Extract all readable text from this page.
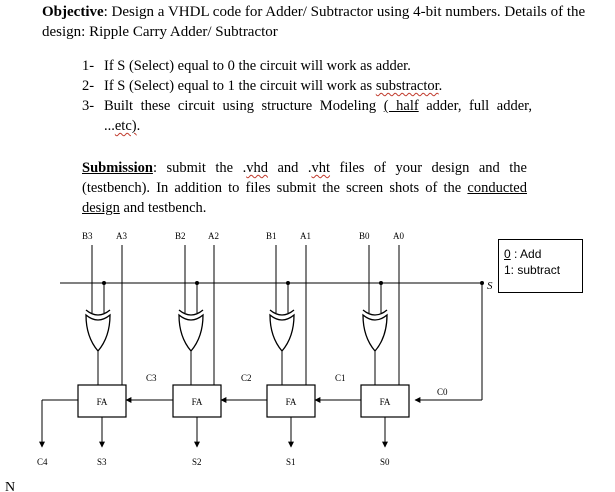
Objective: Design a VHDL code for Adder/ Subtractor using 4-bit numbers. Details of the design: Ripple Carry Adder/ Subtractor
1- If S (Select) equal to 0 the circuit will work as adder.
2- If S (Select) equal to 1 the circuit will work as substractor.
3- Built these circuit using structure Modeling ( half adder, full adder, ...etc).
Submission: submit the .vhd and .vht files of your design and the (testbench). In addition to files submit the screen shots of the conducted design and testbench.
0 : Add
1: subtract
S
B3	A3
FA
S3
C3
B2 A2
FA
S2
C2
B1	A1
FA
S1
C1
B0	A0
FA
S0
C4
C0
N
